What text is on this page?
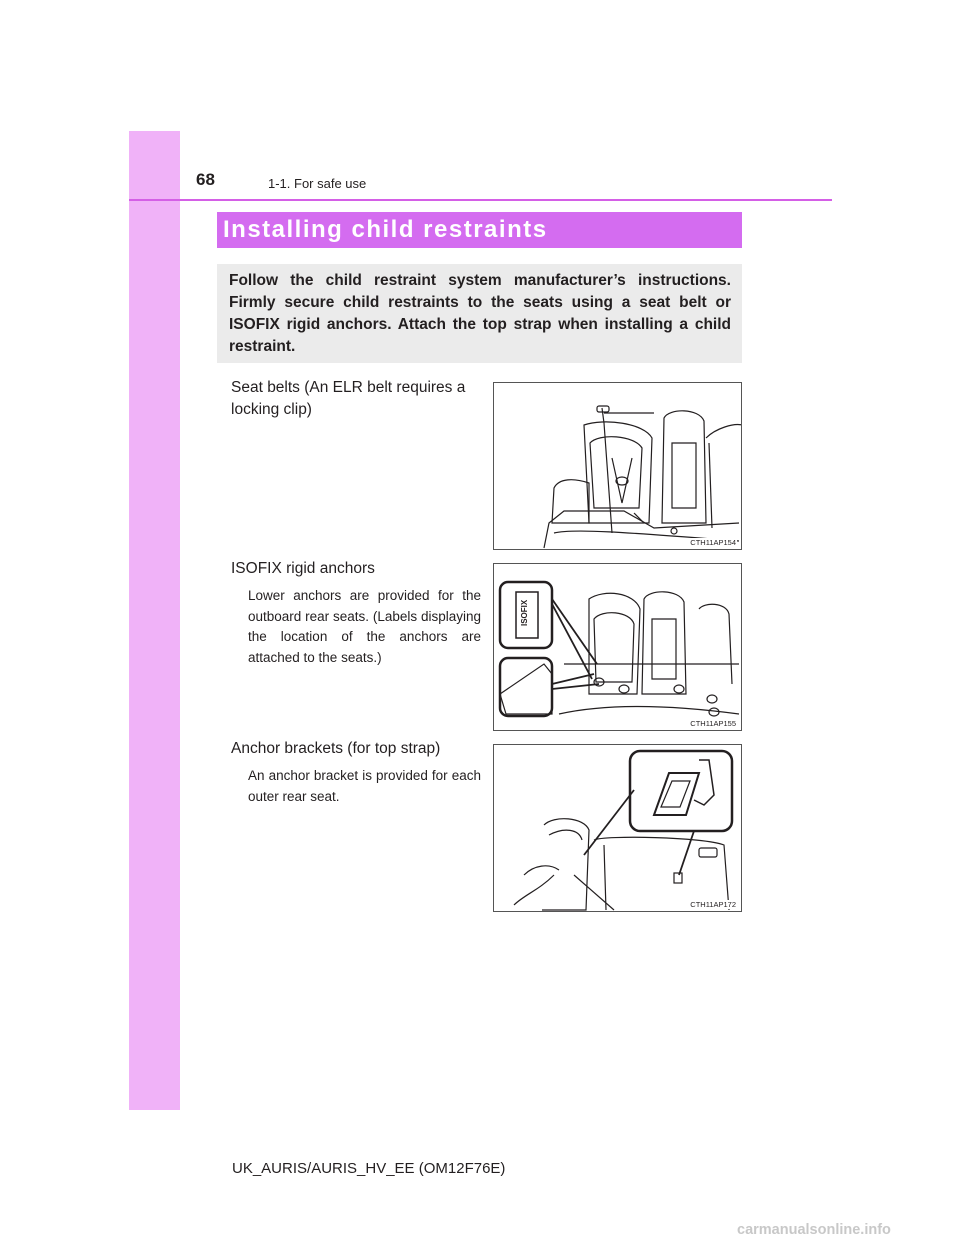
68	1-1. For safe use
Installing child restraints
Follow the child restraint system manufacturer’s instructions. Firmly secure child restraints to the seats using a seat belt or ISOFIX rigid anchors. Attach the top strap when installing a child restraint.

Seat belts (An ELR belt requires a locking clip)

CTH11AP154

ISOFIX rigid anchors

Lower anchors are provided for the outboard rear seats. (Labels displaying the location of the anchors are attached to the seats.)

ISOFIX
CTH11AP155

Anchor brackets (for top strap)

An anchor bracket is provided for each outer rear seat.

CTH11AP172
UK_AURIS/AURIS_HV_EE (OM12F76E)
carmanualsonline.info
